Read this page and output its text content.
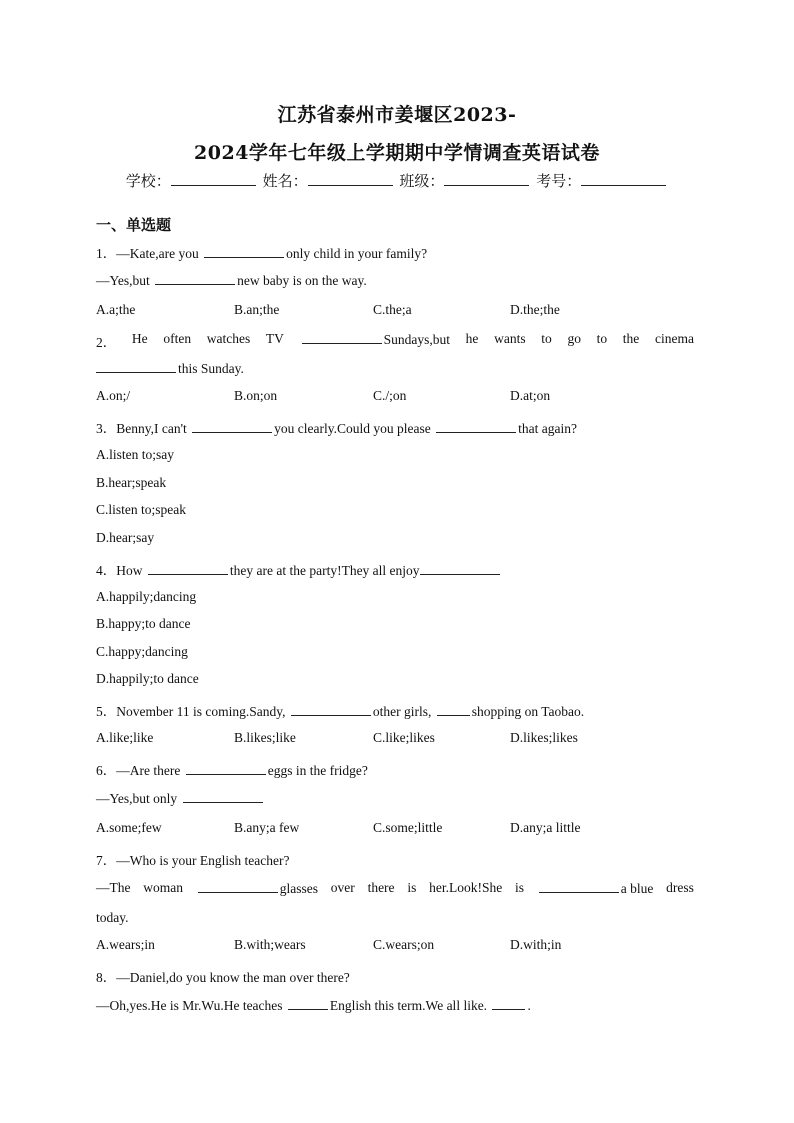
江苏省泰州市姜堰区2023-
2024学年七年级上学期期中学情调查英语试卷
学校：	姓名：	班级：	考号：
一、单选题
1．—Kate,are you	only child in your family?
—Yes,but	new baby is on the way.
A.a;the	B.an;the	C.the;a	D.the;the
2． He often watches TV	Sundays,but he wants to go to the cinema
this Sunday.
A.on;/	B.on;on	C./;on	D.at;on
3．Benny,I can't	you clearly.Could you please	that again?
A.listen to;say
B.hear;speak
C.listen to;speak
D.hear;say
4．How	they are at the party!They all enjoy
A.happily;dancing
B.happy;to dance
C.happy;dancing
D.happily;to dance
5．November 11 is coming.Sandy,	other girls,	shopping on Taobao.
A.like;like	B.likes;like	C.like;likes	D.likes;likes
6．—Are there	eggs in the fridge?
—Yes,but only
A.some;few	B.any;a few	C.some;little	D.any;a little
7．—Who is your English teacher?
—The woman	glasses over there is her.Look!She is	a blue dress
today.
A.wears;in	B.with;wears	C.wears;on	D.with;in
8．—Daniel,do you know the man over there?
—Oh,yes.He is Mr.Wu.He teaches	English this term.We all like.	.
